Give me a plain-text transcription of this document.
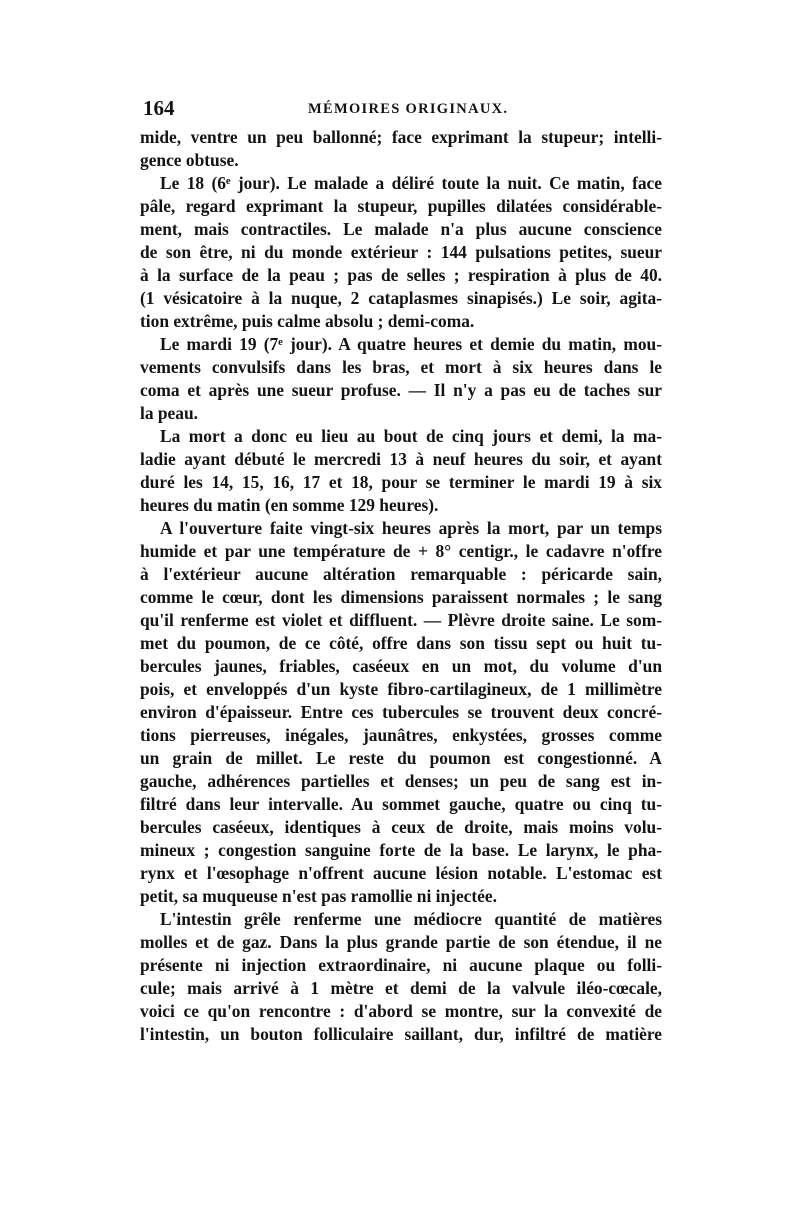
164	MÉMOIRES ORIGINAUX.
mide, ventre un peu ballonné; face exprimant la stupeur; intelli-
gence obtuse.
Le 18 (6ᵉ jour). Le malade a déliré toute la nuit. Ce matin, face
pâle, regard exprimant la stupeur, pupilles dilatées considérable-
ment, mais contractiles. Le malade n'a plus aucune conscience
de son être, ni du monde extérieur : 144 pulsations petites, sueur
à la surface de la peau ; pas de selles ; respiration à plus de 40.
(1 vésicatoire à la nuque, 2 cataplasmes sinapisés.) Le soir, agita-
tion extrême, puis calme absolu ; demi-coma.
Le mardi 19 (7ᵉ jour). A quatre heures et demie du matin, mou-
vements convulsifs dans les bras, et mort à six heures dans le
coma et après une sueur profuse. — Il n'y a pas eu de taches sur
la peau.
La mort a donc eu lieu au bout de cinq jours et demi, la ma-
ladie ayant débuté le mercredi 13 à neuf heures du soir, et ayant
duré les 14, 15, 16, 17 et 18, pour se terminer le mardi 19 à six
heures du matin (en somme 129 heures).
A l'ouverture faite vingt-six heures après la mort, par un temps
humide et par une température de + 8° centigr., le cadavre n'offre
à l'extérieur aucune altération remarquable : péricarde sain,
comme le cœur, dont les dimensions paraissent normales ; le sang
qu'il renferme est violet et diffluent. — Plèvre droite saine. Le som-
met du poumon, de ce côté, offre dans son tissu sept ou huit tu-
bercules jaunes, friables, caséeux en un mot, du volume d'un
pois, et enveloppés d'un kyste fibro-cartilagineux, de 1 millimètre
environ d'épaisseur. Entre ces tubercules se trouvent deux concré-
tions pierreuses, inégales, jaunâtres, enkystées, grosses comme
un grain de millet. Le reste du poumon est congestionné. A
gauche, adhérences partielles et denses; un peu de sang est in-
filtré dans leur intervalle. Au sommet gauche, quatre ou cinq tu-
bercules caséeux, identiques à ceux de droite, mais moins volu-
mineux ; congestion sanguine forte de la base. Le larynx, le pha-
rynx et l'œsophage n'offrent aucune lésion notable. L'estomac est
petit, sa muqueuse n'est pas ramollie ni injectée.
L'intestin grêle renferme une médiocre quantité de matières
molles et de gaz. Dans la plus grande partie de son étendue, il ne
présente ni injection extraordinaire, ni aucune plaque ou folli-
cule; mais arrivé à 1 mètre et demi de la valvule iléo-cœcale,
voici ce qu'on rencontre : d'abord se montre, sur la convexité de
l'intestin, un bouton folliculaire saillant, dur, infiltré de matière
